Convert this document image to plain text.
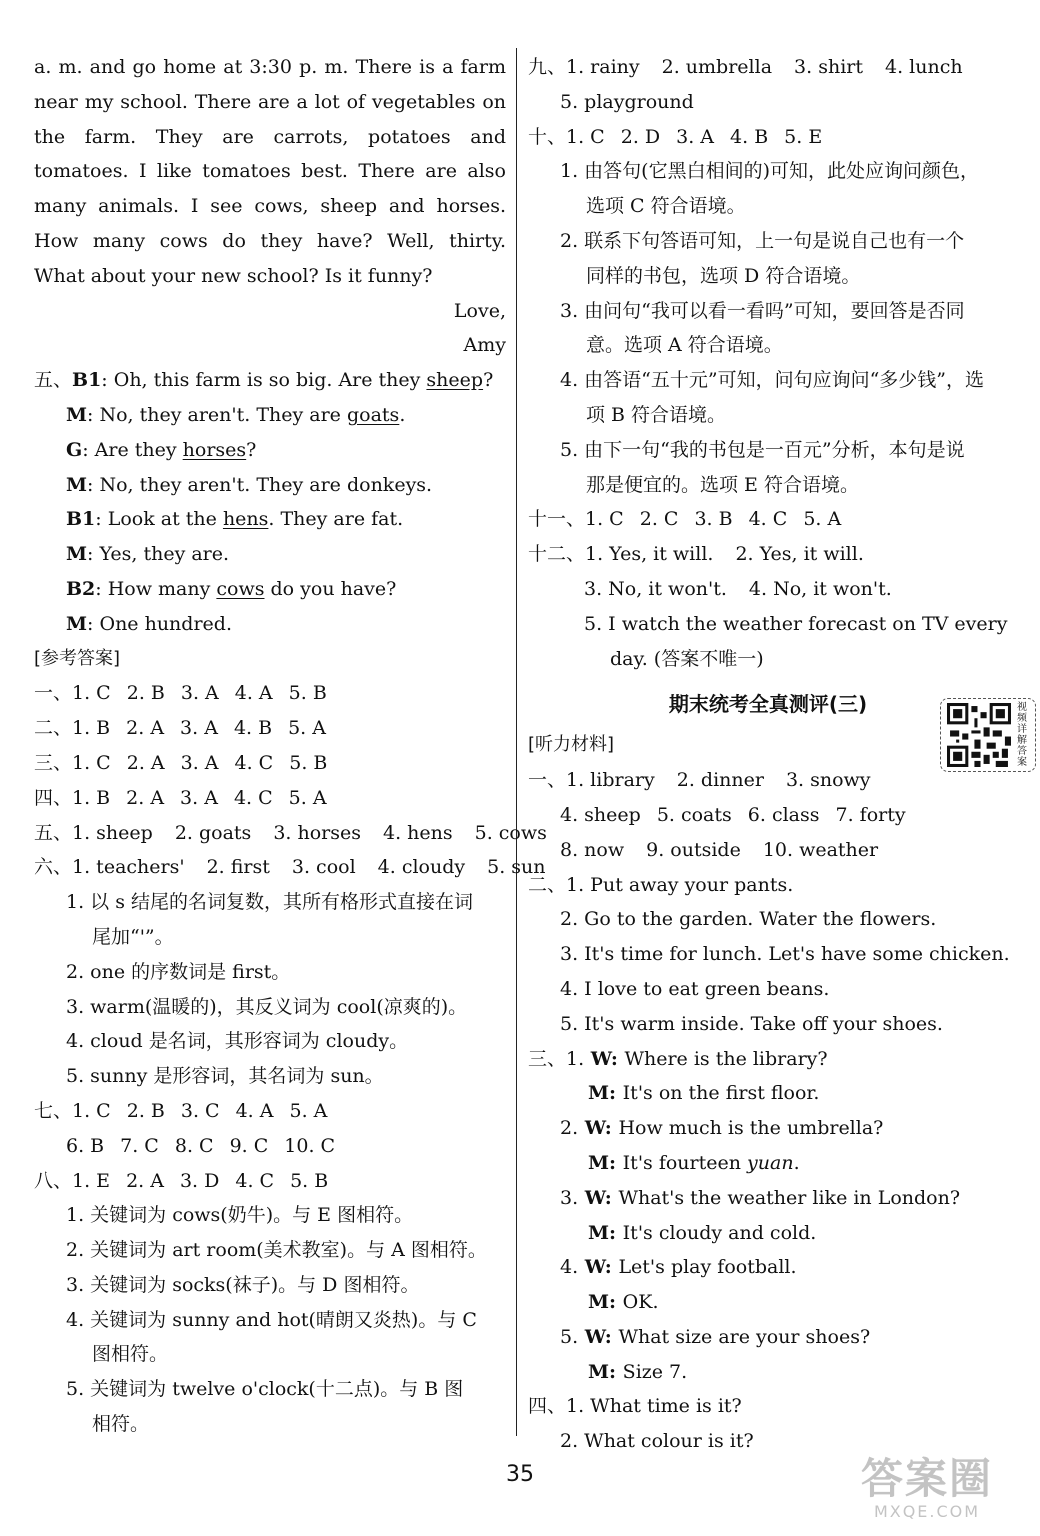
a. m. and go home at 3:30 p. m. There is a farm
near my school. There are a lot of vegetables on
the farm. They are carrots, potatoes and
tomatoes. I like tomatoes best. There are also
many animals. I see cows, sheep and horses.
How many cows do they have? Well, thirty.
What about your new school? Is it funny?
Love,
Amy
五、B1: Oh, this farm is so big. Are they sheep?
M: No, they aren't. They are goats.
G: Are they horses?
M: No, they aren't. They are donkeys.
B1: Look at the hens. They are fat.
M: Yes, they are.
B2: How many cows do you have?
M: One hundred.
[参考答案]
一、1. C 2. B 3. A 4. A 5. B
二、1. B 2. A 3. A 4. B 5. A
三、1. C 2. A 3. A 4. C 5. B
四、1. B 2. A 3. A 4. C 5. A
五、1. sheep 2. goats 3. horses 4. hens 5. cows
六、1. teachers' 2. first 3. cool 4. cloudy 5. sun
1. 以 s 结尾的名词复数，其所有格形式直接在词
尾加“'”。
2. one 的序数词是 first。
3. warm(温暖的)，其反义词为 cool(凉爽的)。
4. cloud 是名词，其形容词为 cloudy。
5. sunny 是形容词，其名词为 sun。
七、1. C 2. B 3. C 4. A 5. A
6. B 7. C 8. C 9. C 10. C
八、1. E 2. A 3. D 4. C 5. B
1. 关键词为 cows(奶牛)。与 E 图相符。
2. 关键词为 art room(美术教室)。与 A 图相符。
3. 关键词为 socks(袜子)。与 D 图相符。
4. 关键词为 sunny and hot(晴朗又炎热)。与 C
图相符。
5. 关键词为 twelve o'clock(十二点)。与 B 图
相符。
九、1. rainy 2. umbrella 3. shirt 4. lunch
5. playground
十、1. C 2. D 3. A 4. B 5. E
1. 由答句(它黑白相间的)可知，此处应询问颜色，
选项 C 符合语境。
2. 联系下句答语可知，上一句是说自己也有一个
同样的书包，选项 D 符合语境。
3. 由问句“我可以看一看吗”可知，要回答是否同
意。选项 A 符合语境。
4. 由答语“五十元”可知，问句应询问“多少钱”，选
项 B 符合语境。
5. 由下一句“我的书包是一百元”分析，本句是说
那是便宜的。选项 E 符合语境。
十一、1. C 2. C 3. B 4. C 5. A
十二、1. Yes, it will. 2. Yes, it will.
3. No, it won't. 4. No, it won't.
5. I watch the weather forecast on TV every
day. (答案不唯一)
期末统考全真测评(三)
[听力材料]
一、1. library 2. dinner 3. snowy
4. sheep 5. coats 6. class 7. forty
8. now 9. outside 10. weather
二、1. Put away your pants.
2. Go to the garden. Water the flowers.
3. It's time for lunch. Let's have some chicken.
4. I love to eat green beans.
5. It's warm inside. Take off your shoes.
三、1. W: Where is the library?
M: It's on the first floor.
2. W: How much is the umbrella?
M: It's fourteen yuan.
3. W: What's the weather like in London?
M: It's cloudy and cold.
4. W: Let's play football.
M: OK.
5. W: What size are your shoes?
M: Size 7.
四、1. What time is it?
2. What colour is it?
视频详解答案
35	答案圈
MXQE.COM
